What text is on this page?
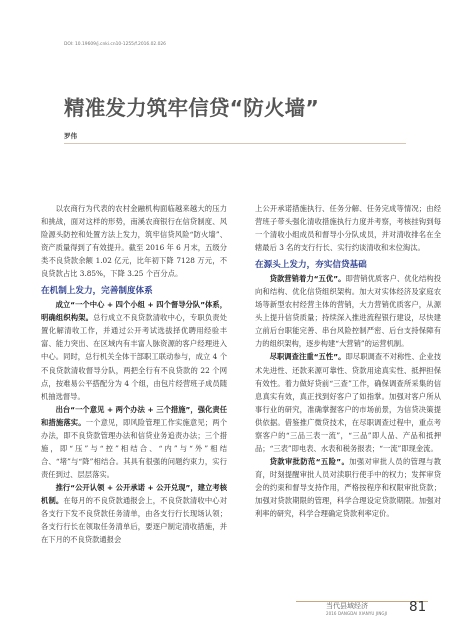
DOI: 10.19609/j.cnki.cn10-1255/f.2016.02.026
精准发力筑牢信贷“防火墙”
罗伟

以农商行为代表的农村金融机构面临越来越大的压力和挑战，面对这样的形势，南溪农商银行在信贷制度、风险源头防控和处置方法上发力，筑牢信贷风险“防火墙”、资产质量得到了有效提升。截至 2016 年 6 月末，五级分类不良贷款余额 1.02 亿元，比年初下降 7128 万元，不良贷款占比 3.85%，下降 3.25 个百分点。

在机制上发力，完善制度体系

成立“一个中心 + 四个小组 + 四个督导分队”体系，明确组织构架。总行成立不良贷款清收中心，专职负责处置化解清收工作，并通过公开考试选拔择优聘用经验丰富、能力突出、在区域内有丰富人脉资源的客户经理进入中心。同时，总行机关全体干部职工联动参与，成立 4 个不良贷款清收督导分队，两把全行有不良贷款的 22 个网点，按难易公平搭配分为 4 个组，由包片经营班子成员随机抽选督导。

出台“一个意见 + 两个办法 + 三个措施”，强化责任和措施落实。一个意见，即风险管理工作实施意见；两个办法，即不良贷款管理办法和信贷业务追责办法；三个措施，即“压”与“控”相结合、“内”与“外”相结合、“堵”与“降”相结合。其具有很强的问题约束力，实行责任到过、层层落实。

推行“公开认领 + 公开承诺 + 公开兑现”，建立考核机制。在每月的不良贷款通报会上，不良贷款清收中心对各支行下发不良贷款任务清单，由各支行行长现场认领；各支行行长在领取任务清单后，要逐户制定清收措施，并在下月的不良贷款通报会

上公开承诺措施执行、任务分解、任务完成等情况；由经营班子带头强化清收措施执行力度并考察，考核挂钩到每一个清收小组成员和督导小分队成员，并对清收排名在全辖最后 3 名的支行行长、实行约谈清收和末位淘汰。

在源头上发力，夯实信贷基础

贷款营销着力“五优”。即营销优质客户、优化结构投向和结构、优化信贷组织架构。加大对实体经济及家庭农场等新型农村经营主体的营销，大力营销优质客户，从源头上提升信贷质量；持续深入推进流程银行建设，尽快建立前后台职能完善、串台风险控制严密、后台支持保障有力的组织架构，逐步构建“大营销”的运营机制。

尽职调查注重“五性”。即尽职调查不对称性、企业技术先进性、还款来源可靠性、贷款用途真实性、抵押担保有效性。着力做好贷前“三查”工作，确保调查所采集的信息真实有效，真正找到好客户了如指掌。加强对客户所从事行业的研究，准确掌握客户的市场前景，为信贷决策提供依据。借鉴推广微贷技术，在尽职调查过程中，重点考察客户的“三品三表一流”，“三品”即人品、产品和抵押品；“三表”即电表、水表和税务报表；“一流”即现金流。

贷款审批防范“五险”。加强对审批人员的管理与教育，时刻提醒审批人员对渎职行使手中的权力；发挥审贷会的约束和督导支持作用，严格按程序和权限审批贷款；加强对贷款期限的管理，科学合理设定贷款期限。加强对利率的研究，科学合理确定贷款利率定价。

当代县域经济
2016 DANGDAI XIANYU JINGJI 81
